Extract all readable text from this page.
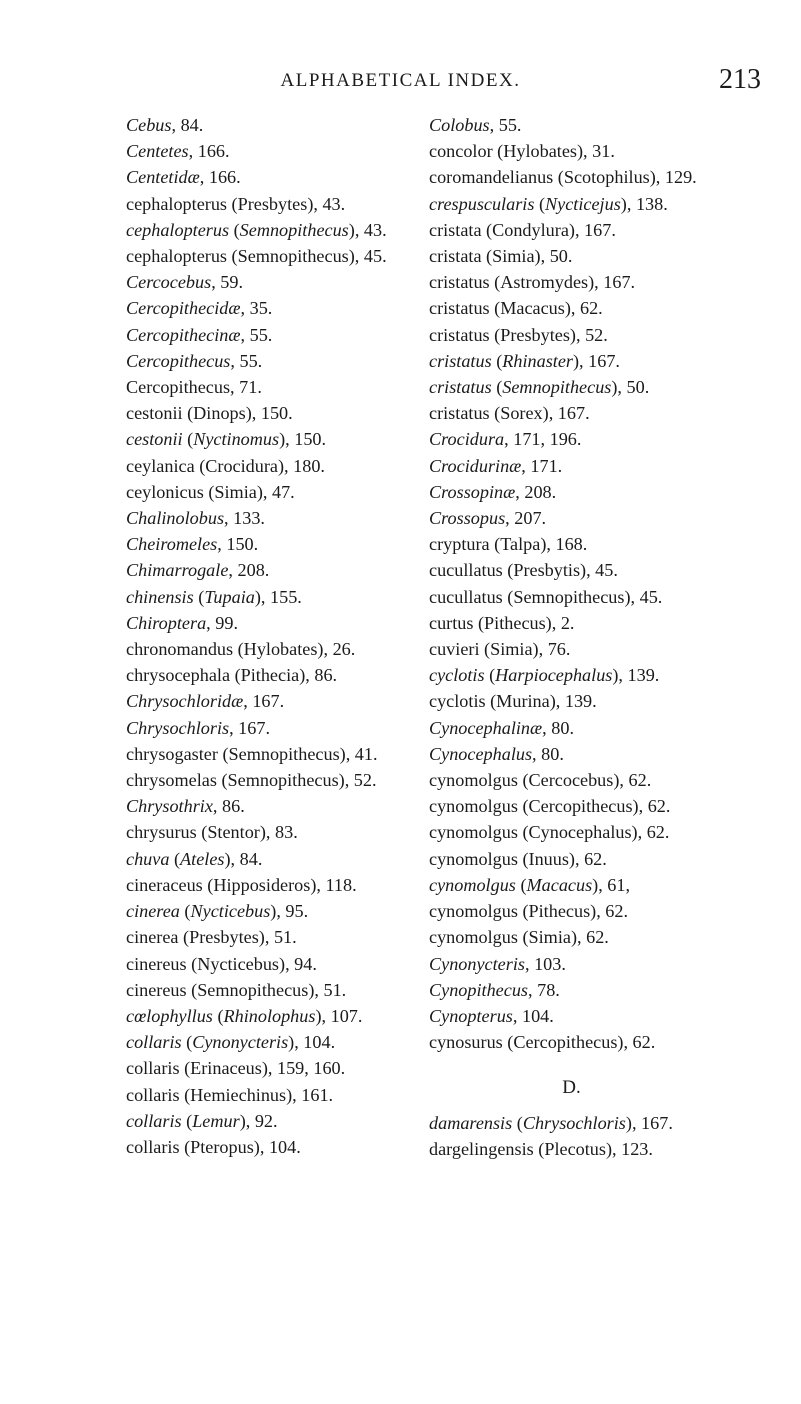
ALPHABETICAL INDEX.	213
Cebus, 84.
Centetes, 166.
Centetidæ, 166.
cephalopterus (Presbytes), 43.
cephalopterus (Semnopithecus), 43.
cephalopterus (Semnopithecus), 45.
Cercocebus, 59.
Cercopithecidæ, 35.
Cercopithecinæ, 55.
Cercopithecus, 55.
Cercopithecus, 71.
cestonii (Dinops), 150.
cestonii (Nyctinomus), 150.
ceylanica (Crocidura), 180.
ceylonicus (Simia), 47.
Chalinolobus, 133.
Cheiromeles, 150.
Chimarrogale, 208.
chinensis (Tupaia), 155.
Chiroptera, 99.
chronomandus (Hylobates), 26.
chrysocephala (Pithecia), 86.
Chrysochloridæ, 167.
Chrysochloris, 167.
chrysogaster (Semnopithecus), 41.
chrysomelas (Semnopithecus), 52.
Chrysothrix, 86.
chrysurus (Stentor), 83.
chuva (Ateles), 84.
cineraceus (Hipposideros), 118.
cinerea (Nycticebus), 95.
cinerea (Presbytes), 51.
cinereus (Nycticebus), 94.
cinereus (Semnopithecus), 51.
cœlophyllus (Rhinolophus), 107.
collaris (Cynonycteris), 104.
collaris (Erinaceus), 159, 160.
collaris (Hemiechinus), 161.
collaris (Lemur), 92.
collaris (Pteropus), 104.
Colobus, 55.
concolor (Hylobates), 31.
coromandelianus (Scotophilus), 129.
crespuscularis (Nycticejus), 138.
cristata (Condylura), 167.
cristata (Simia), 50.
cristatus (Astromydes), 167.
cristatus (Macacus), 62.
cristatus (Presbytes), 52.
cristatus (Rhinaster), 167.
cristatus (Semnopithecus), 50.
cristatus (Sorex), 167.
Crocidura, 171, 196.
Crocidurinæ, 171.
Crossopinæ, 208.
Crossopus, 207.
cryptura (Talpa), 168.
cucullatus (Presbytis), 45.
cucullatus (Semnopithecus), 45.
curtus (Pithecus), 2.
cuvieri (Simia), 76.
cyclotis (Harpiocephalus), 139.
cyclotis (Murina), 139.
Cynocephalinæ, 80.
Cynocephalus, 80.
cynomolgus (Cercocebus), 62.
cynomolgus (Cercopithecus), 62.
cynomolgus (Cynocephalus), 62.
cynomolgus (Inuus), 62.
cynomolgus (Macacus), 61,
cynomolgus (Pithecus), 62.
cynomolgus (Simia), 62.
Cynonycteris, 103.
Cynopithecus, 78.
Cynopterus, 104.
cynosurus (Cercopithecus), 62.
D.
damarensis (Chrysochloris), 167.
dargelingensis (Plecotus), 123.
